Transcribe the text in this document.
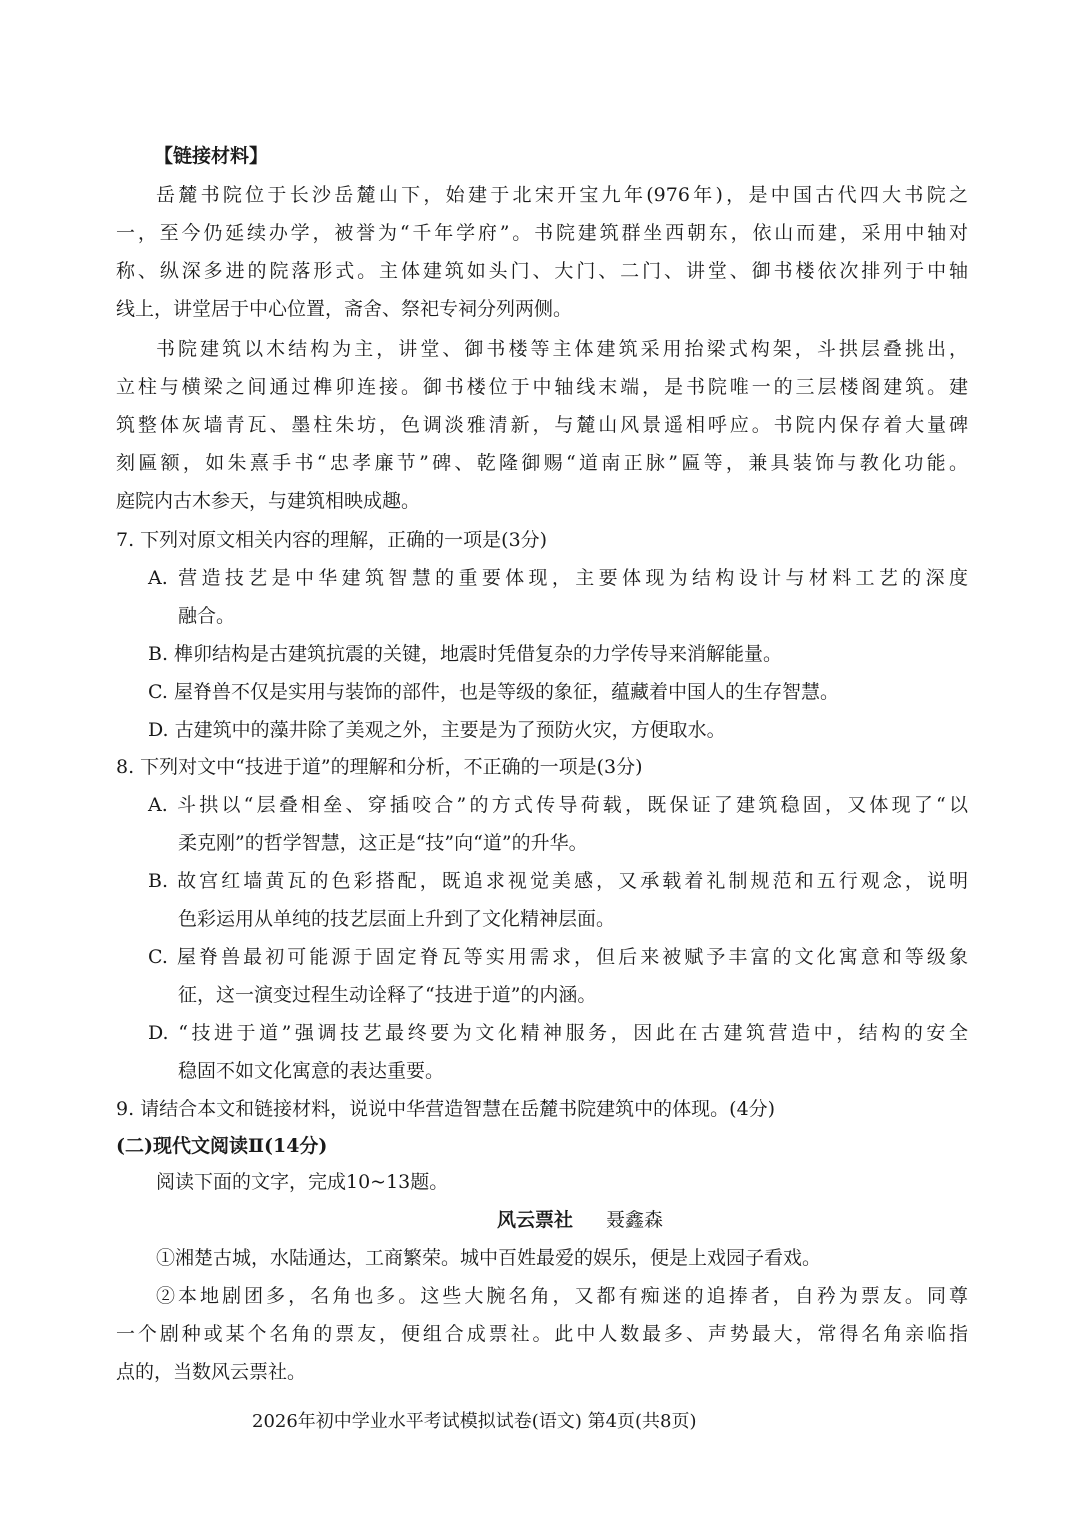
【链接材料】
岳麓书院位于长沙岳麓山下，始建于北宋开宝九年(976年)，是中国古代四大书院之
一，至今仍延续办学，被誉为“千年学府”。书院建筑群坐西朝东，依山而建，采用中轴对
称、纵深多进的院落形式。主体建筑如头门、大门、二门、讲堂、御书楼依次排列于中轴
线上，讲堂居于中心位置，斋舍、祭祀专祠分列两侧。
书院建筑以木结构为主，讲堂、御书楼等主体建筑采用抬梁式构架，斗拱层叠挑出，
立柱与横梁之间通过榫卯连接。御书楼位于中轴线末端，是书院唯一的三层楼阁建筑。建
筑整体灰墙青瓦、墨柱朱坊，色调淡雅清新，与麓山风景遥相呼应。书院内保存着大量碑
刻匾额，如朱熹手书“忠孝廉节”碑、乾隆御赐“道南正脉”匾等，兼具装饰与教化功能。
庭院内古木参天，与建筑相映成趣。
7. 下列对原文相关内容的理解，正确的一项是(3分)
A. 营造技艺是中华建筑智慧的重要体现，主要体现为结构设计与材料工艺的深度
融合。
B. 榫卯结构是古建筑抗震的关键，地震时凭借复杂的力学传导来消解能量。
C. 屋脊兽不仅是实用与装饰的部件，也是等级的象征，蕴藏着中国人的生存智慧。
D. 古建筑中的藻井除了美观之外，主要是为了预防火灾，方便取水。
8. 下列对文中“技进于道”的理解和分析，不正确的一项是(3分)
A. 斗拱以“层叠相垒、穿插咬合”的方式传导荷载，既保证了建筑稳固，又体现了“以
柔克刚”的哲学智慧，这正是“技”向“道”的升华。
B. 故宫红墙黄瓦的色彩搭配，既追求视觉美感，又承载着礼制规范和五行观念，说明
色彩运用从单纯的技艺层面上升到了文化精神层面。
C. 屋脊兽最初可能源于固定脊瓦等实用需求，但后来被赋予丰富的文化寓意和等级象
征，这一演变过程生动诠释了“技进于道”的内涵。
D. “技进于道”强调技艺最终要为文化精神服务，因此在古建筑营造中，结构的安全
稳固不如文化寓意的表达重要。
9. 请结合本文和链接材料，说说中华营造智慧在岳麓书院建筑中的体现。(4分)
(二)现代文阅读Ⅱ(14分)
阅读下面的文字，完成10~13题。
风云票社 聂鑫森
①湘楚古城，水陆通达，工商繁荣。城中百姓最爱的娱乐，便是上戏园子看戏。
②本地剧团多，名角也多。这些大腕名角，又都有痴迷的追捧者，自矜为票友。同尊
一个剧种或某个名角的票友，便组合成票社。此中人数最多、声势最大，常得名角亲临指
点的，当数风云票社。
2026年初中学业水平考试模拟试卷(语文) 第4页(共8页)
